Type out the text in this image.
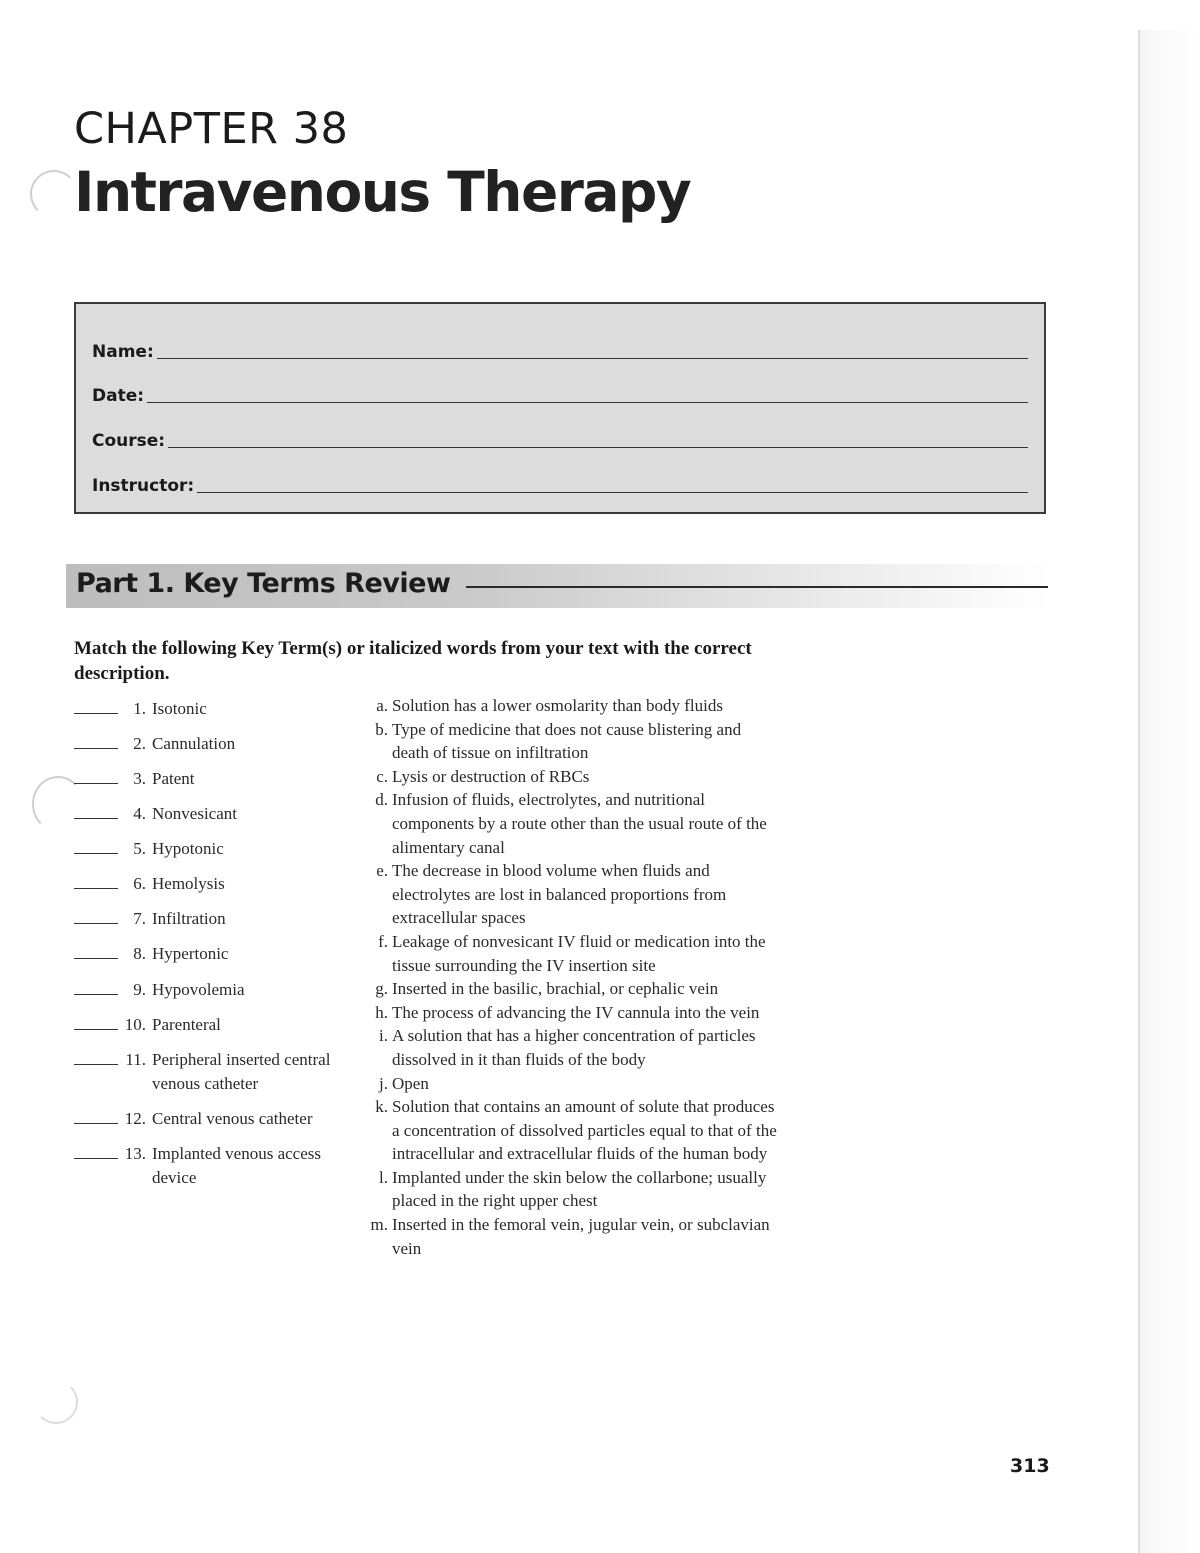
CHAPTER 38
Intravenous Therapy
Name:
Date:
Course:
Instructor:
Part 1. Key Terms Review
Match the following Key Term(s) or italicized words from your text with the correct description.
1. Isotonic
2. Cannulation
3. Patent
4. Nonvesicant
5. Hypotonic
6. Hemolysis
7. Infiltration
8. Hypertonic
9. Hypovolemia
10. Parenteral
11. Peripheral inserted central venous catheter
12. Central venous catheter
13. Implanted venous access device
a. Solution has a lower osmolarity than body fluids
b. Type of medicine that does not cause blistering and death of tissue on infiltration
c. Lysis or destruction of RBCs
d. Infusion of fluids, electrolytes, and nutritional components by a route other than the usual route of the alimentary canal
e. The decrease in blood volume when fluids and electrolytes are lost in balanced proportions from extracellular spaces
f. Leakage of nonvesicant IV fluid or medication into the tissue surrounding the IV insertion site
g. Inserted in the basilic, brachial, or cephalic vein
h. The process of advancing the IV cannula into the vein
i. A solution that has a higher concentration of particles dissolved in it than fluids of the body
j. Open
k. Solution that contains an amount of solute that produces a concentration of dissolved particles equal to that of the intracellular and extracellular fluids of the human body
l. Implanted under the skin below the collarbone; usually placed in the right upper chest
m. Inserted in the femoral vein, jugular vein, or subclavian vein
313
